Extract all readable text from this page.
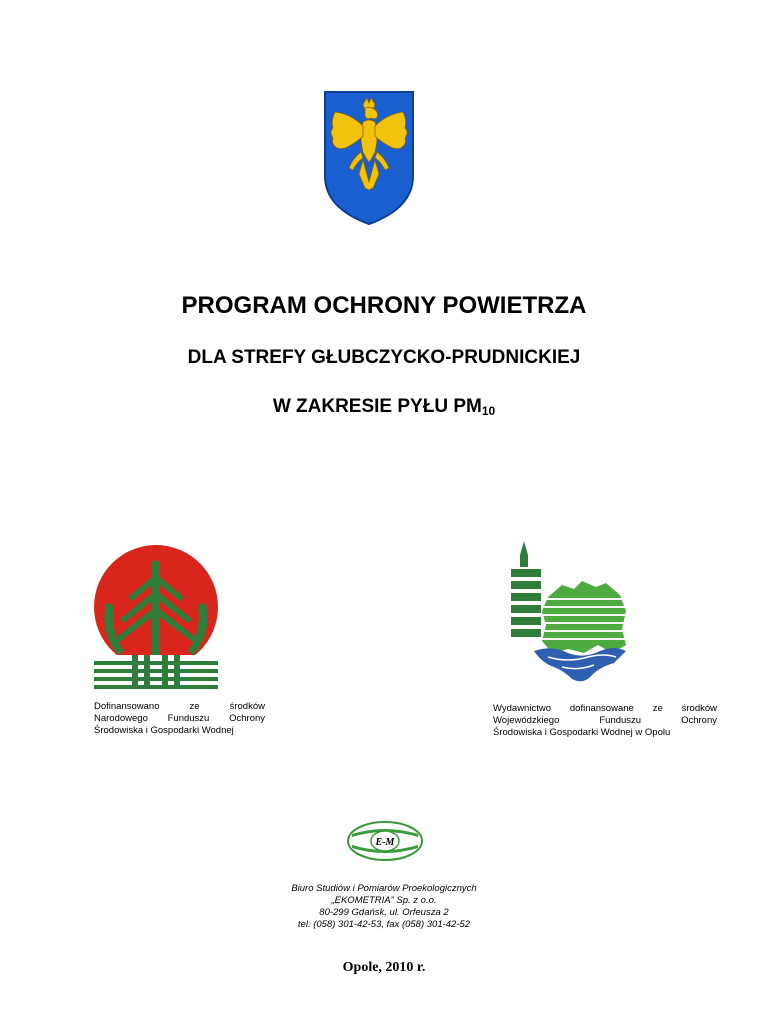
PROGRAM OCHRONY POWIETRZA
DLA STREFY GŁUBCZYCKO-PRUDNICKIEJ
W ZAKRESIE PYŁU $PM_{10}$
Dofinansowano ze środków
Narodowego Funduszu Ochrony
Środowiska i Gospodarki Wodnej
Wydawnictwo dofinansowane ze środków
Wojewódzkiego Funduszu Ochrony
Środowiska i Gospodarki Wodnej w Opolu
E-M
Biuro Studiów i Pomiarów Proekologicznych
„EKOMETRIA” Sp. z o.o.
80-299 Gdańsk, ul. Orfeusza 2
tel. (058) 301-42-53, fax (058) 301-42-52
Opole, 2010 r.
